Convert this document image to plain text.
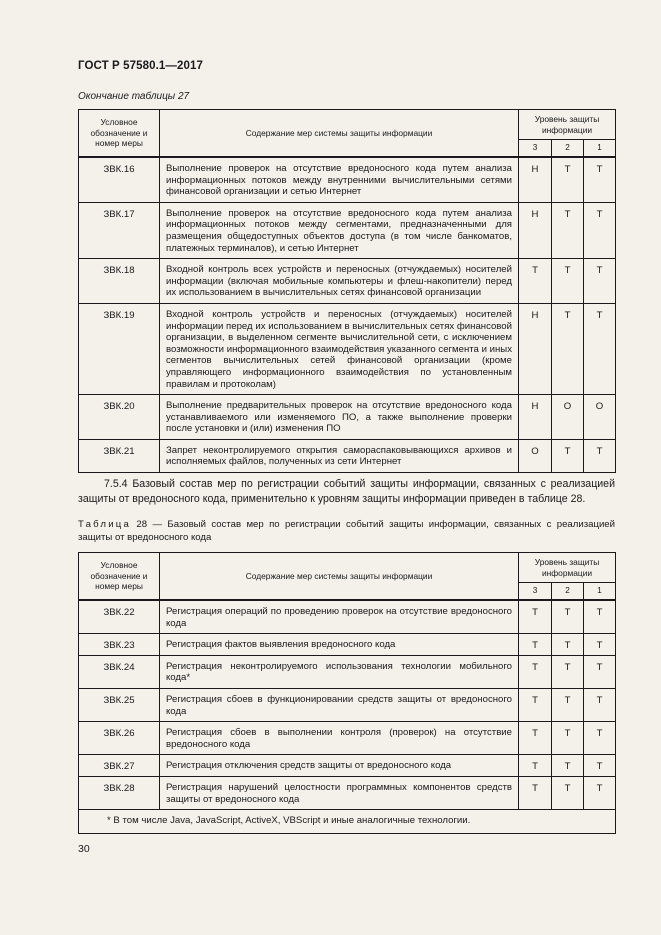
ГОСТ Р 57580.1—2017
Окончание таблицы 27
Условное обозначение и номер меры	Содержание мер системы защиты информации	Уровень защиты информации		
		3	2	1
ЗВК.16	Выполнение проверок на отсутствие вредоносного кода путем анализа информационных потоков между внутренними вычислительными сетями финансовой организации и сетью Интернет	Н	Т	Т
ЗВК.17	Выполнение проверок на отсутствие вредоносного кода путем анализа информационных потоков между сегментами, предназначенными для размещения общедоступных объектов доступа (в том числе банкоматов, платежных терминалов), и сетью Интернет	Н	Т	Т
ЗВК.18	Входной контроль всех устройств и переносных (отчуждаемых) носителей информации (включая мобильные компьютеры и флеш-накопители) перед их использованием в вычислительных сетях финансовой организации	Т	Т	Т
ЗВК.19	Входной контроль устройств и переносных (отчуждаемых) носителей информации перед их использованием в вычислительных сетях финансовой организации, в выделенном сегменте вычислительной сети, с исключением возможности информационного взаимодействия указанного сегмента и иных сегментов вычислительных сетей финансовой организации (кроме управляющего информационного взаимодействия по установленным правилам и протоколам)	Н	Т	Т
ЗВК.20	Выполнение предварительных проверок на отсутствие вредоносного кода устанавливаемого или изменяемого ПО, а также выполнение проверки после установки и (или) изменения ПО	Н	О	О
ЗВК.21	Запрет неконтролируемого открытия самораспаковывающихся архивов и исполняемых файлов, полученных из сети Интернет	О	Т	Т
7.5.4 Базовый состав мер по регистрации событий защиты информации, связанных с реализацией защиты от вредоносного кода, применительно к уровням защиты информации приведен в таблице 28.
Таблица 28 — Базовый состав мер по регистрации событий защиты информации, связанных с реализацией защиты от вредоносного кода
Условное обозначение и номер меры	Содержание мер системы защиты информации	Уровень защиты информации		
		3	2	1
ЗВК.22	Регистрация операций по проведению проверок на отсутствие вредоносного кода	Т	Т	Т
ЗВК.23	Регистрация фактов выявления вредоносного кода	Т	Т	Т
ЗВК.24	Регистрация неконтролируемого использования технологии мобильного кода*	Т	Т	Т
ЗВК.25	Регистрация сбоев в функционировании средств защиты от вредоносного кода	Т	Т	Т
ЗВК.26	Регистрация сбоев в выполнении контроля (проверок) на отсутствие вредоносного кода	Т	Т	Т
ЗВК.27	Регистрация отключения средств защиты от вредоносного кода	Т	Т	Т
ЗВК.28	Регистрация нарушений целостности программных компонентов средств защиты от вредоносного кода	Т	Т	Т
* В том числе Java, JavaScript, ActiveX, VBScript и иные аналогичные технологии.				
30
